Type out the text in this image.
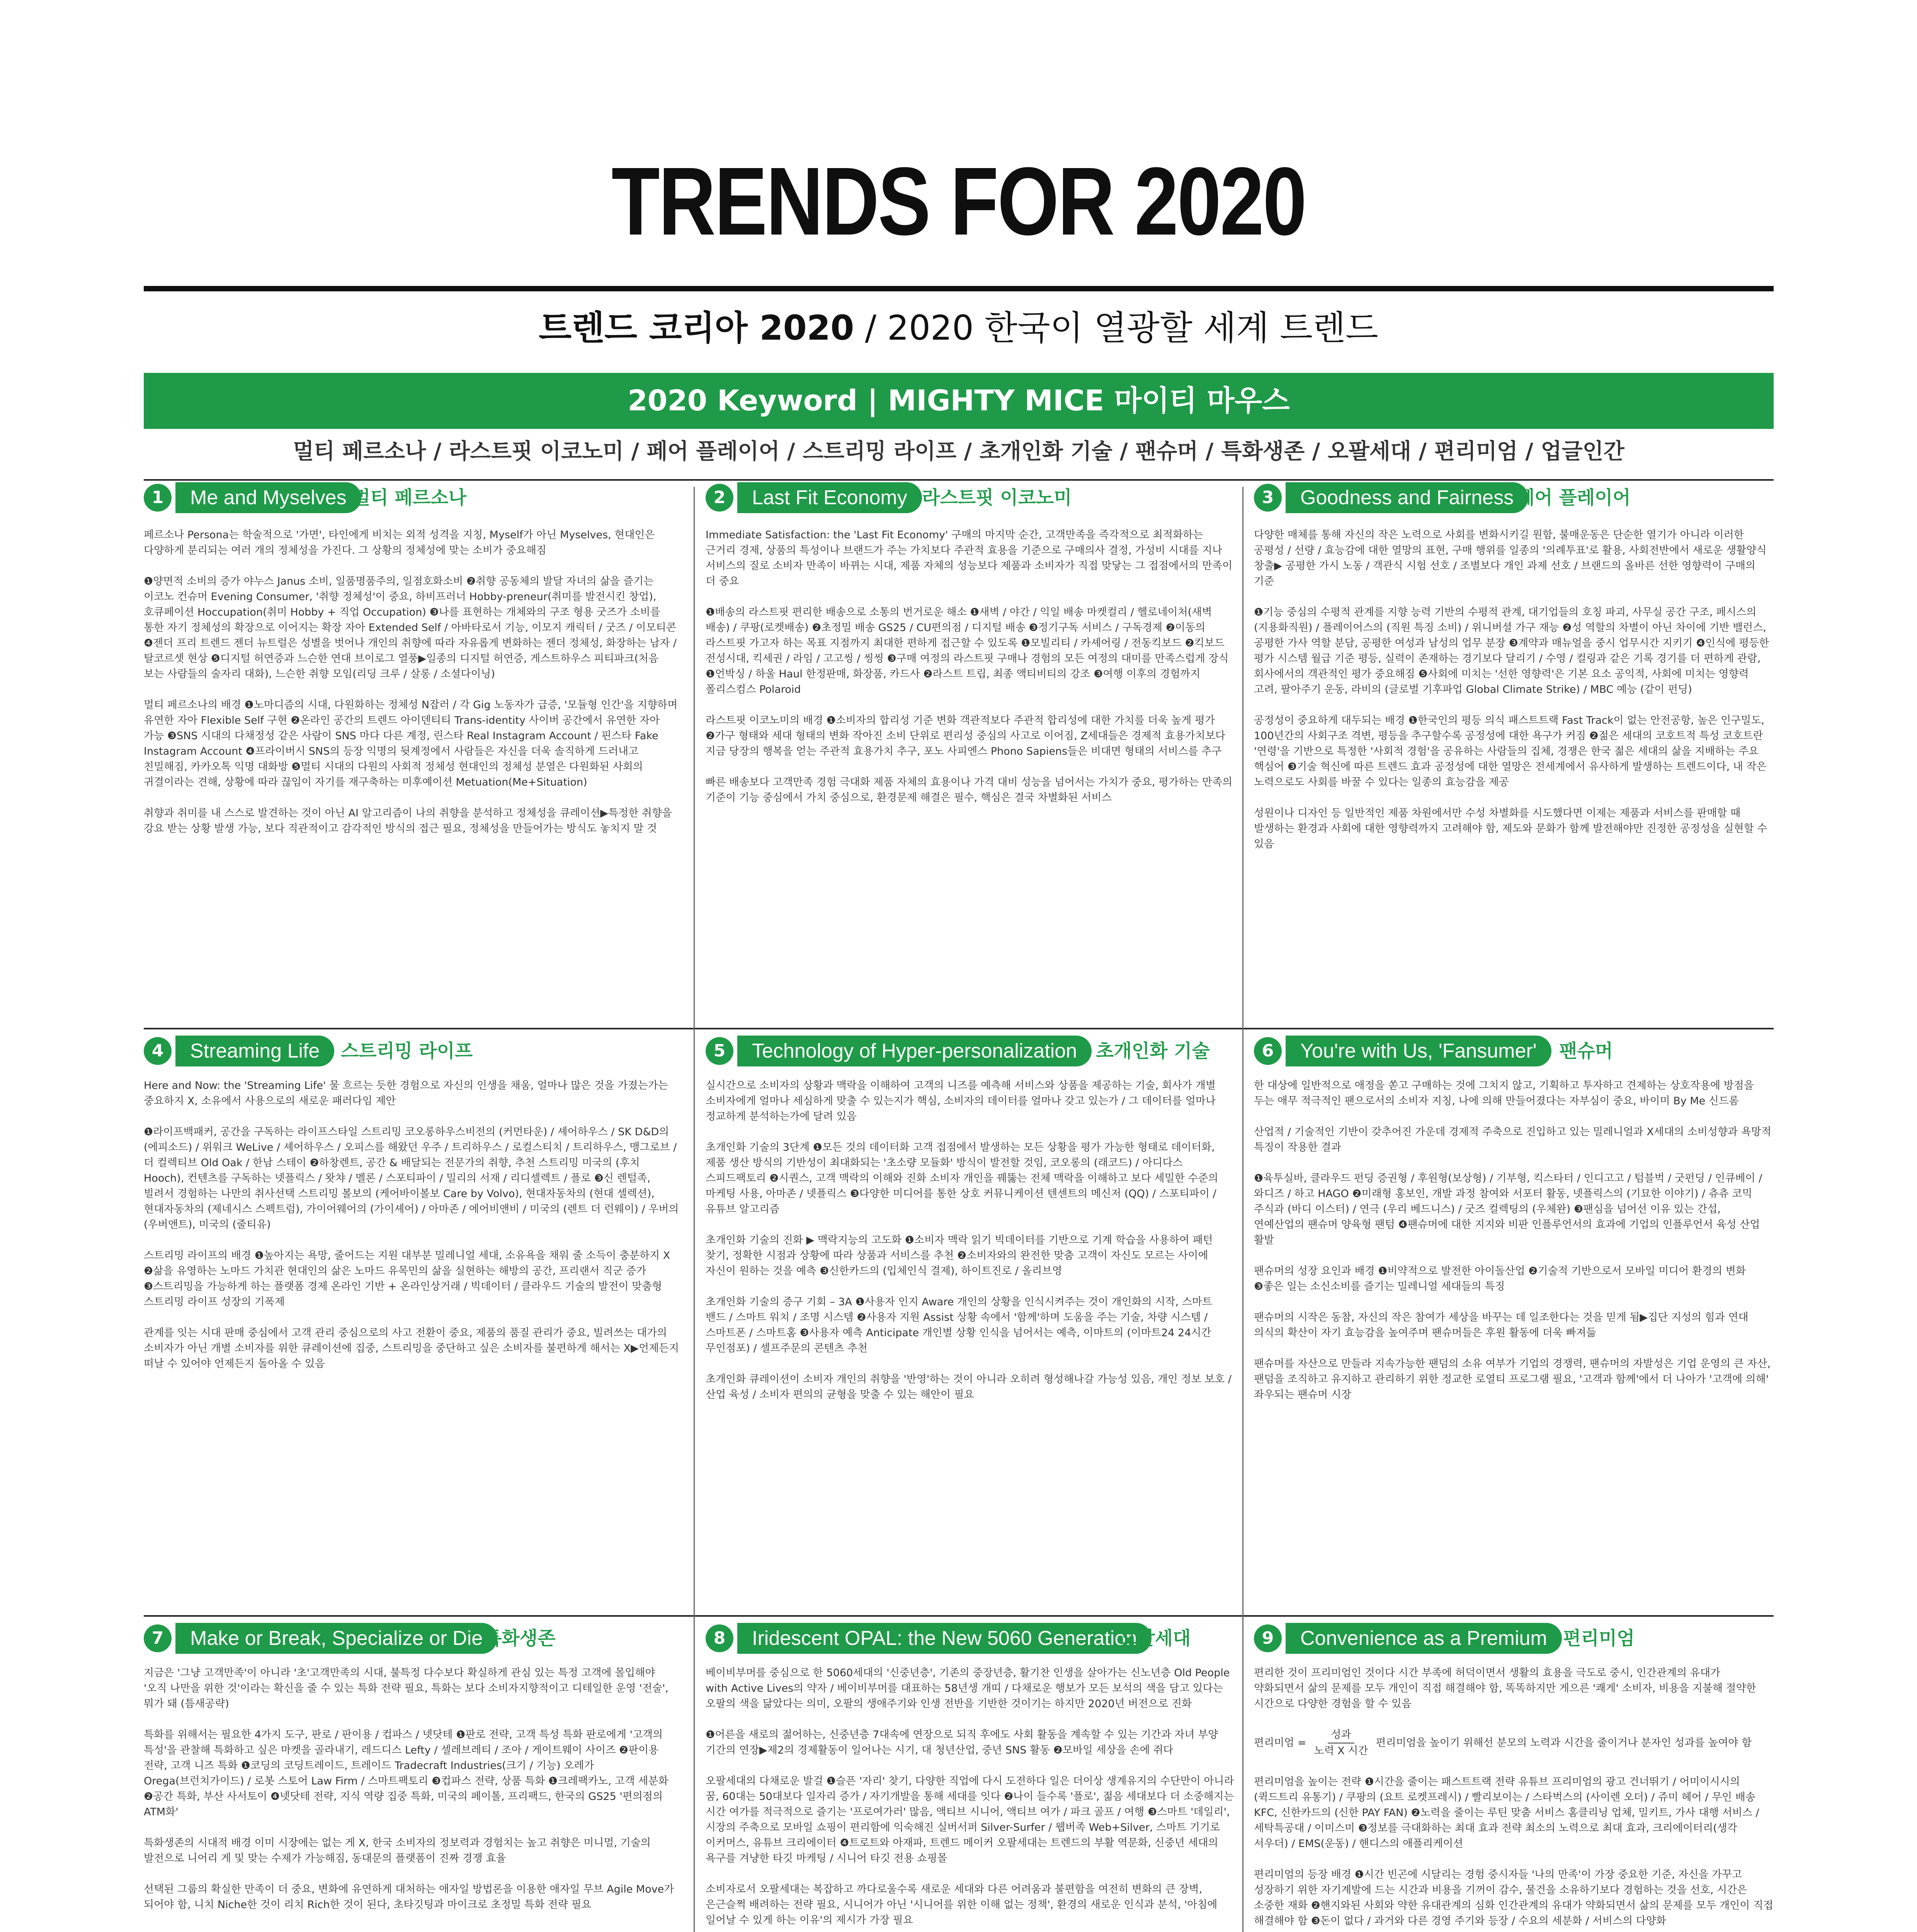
TRENDS FOR 2020
트렌드 코리아 2020 / 2020 한국이 열광할 세계 트렌드
2020 Keyword | MIGHTY MICE 마이티 마우스
멀티 페르소나 / 라스트핏 이코노미 / 페어 플레이어 / 스트리밍 라이프 / 초개인화 기술 / 팬슈머 / 특화생존 / 오팔세대 / 편리미엄 / 업글인간
1	Me and Myselves 멀티 페르소나

페르소나 Persona는 학술적으로 '가면', 타인에게 비치는 외적 성격을 지칭, Myself가 아닌 Myselves, 현대인은 다양하게 분리되는 여러 개의 정체성을 가진다. 그 상황의 정체성에 맞는 소비가 중요해짐

❶양면적 소비의 증가 야누스 Janus 소비, 일품명품주의, 일점호화소비 ❷취향 공동체의 발달 자녀의 삶을 즐기는 이코노 컨슈머 Evening Consumer, '취향 정체성'이 중요, 하비프러너 Hobby-preneur(취미를 발전시킨 창업), 호큐페이션 Hoccupation(취미 Hobby + 직업 Occupation) ❸나를 표현하는 개체와의 구조 형용 굿즈가 소비를 통한 자기 정체성의 확장으로 이어지는 확장 자아 Extended Self / 아바타로서 기능, 이모지 캐릭터 / 굿즈 / 이모티콘 ❹젠더 프리 트렌드 젠더 뉴트럴은 성별을 벗어나 개인의 취향에 따라 자유롭게 변화하는 젠더 정체성, 화장하는 남자 / 탈코르셋 현상 ❺디지털 허연증과 느슨한 연대 브이로그 열풍▶일종의 디지털 허연증, 게스트하우스 피티파크(처음 보는 사람들의 술자리 대화), 느슨한 취향 모임(리딩 크루 / 살롱 / 소셜다이닝)

멀티 페르소나의 배경 ❶노마디즘의 시대, 다원화하는 정체성 N잡러 / 각 Gig 노동자가 급증, '모듈형 인간'을 지향하며 유연한 자아 Flexible Self 구현 ❷온라인 공간의 트렌드 아이덴티티 Trans-identity 사이버 공간에서 유연한 자아 가능 ❸SNS 시대의 다채정성 같은 사람이 SNS 마다 다른 계정, 린스타 Real Instagram Account / 핀스타 Fake Instagram Account ❹프라이버시 SNS의 등장 익명의 뒷계정에서 사람들은 자신을 더욱 솔직하게 드러내고 친밀해짐, 카카오톡 익명 대화방 ❺멀티 시대의 다원의 사회적 정체성 현대인의 정체성 분열은 다원화된 사회의 귀결이라는 견해, 상황에 따라 끊임이 자기를 재구축하는 미후예이션 Metuation(Me+Situation)

취향과 취미를 내 스스로 발견하는 것이 아닌 AI 알고리즘이 나의 취향을 분석하고 정체성을 큐레이션▶특정한 취향을 강요 받는 상황 발생 가능, 보다 직관적이고 감각적인 방식의 접근 필요, 정체성을 만들어가는 방식도 놓치지 말 것

2	Last Fit Economy 라스트핏 이코노미

Immediate Satisfaction: the 'Last Fit Economy' 구매의 마지막 순간, 고객만족을 즉각적으로 최적화하는 근거리 경제, 상품의 특성이나 브랜드가 주는 가치보다 주관적 효용을 기준으로 구매의사 결정, 가성비 시대를 지나 서비스의 질로 소비자 만족이 바뀌는 시대, 제품 자체의 성능보다 제품과 소비자가 직접 맞닿는 그 접점에서의 만족이 더 중요

❶배송의 라스트핏 편리한 배송으로 소통의 번거로운 해소 ❶새벽 / 야간 / 익일 배송 마켓컬리 / 헬로네이처(새벽 배송) / 쿠팡(로켓배송) ❷초정밀 배송 GS25 / CU편의점 / 디지털 배송 ❸정기구독 서비스 / 구독경제 ❷이동의 라스트핏 가고자 하는 목표 지점까지 최대한 편하게 접근할 수 있도록 ❶모빌리티 / 카셰어링 / 전동킥보드 ❷킥보드 전성시대, 킥세권 / 라임 / 고고씽 / 씽씽 ❸구매 여정의 라스트핏 구매나 경험의 모든 여정의 대미를 만족스럽게 장식 ❶언박싱 / 하울 Haul 한정판매, 화장품, 카드사 ❷라스트 트립, 최종 액티비티의 강조 ❸여행 이후의 경험까지 폴리스컴스 Polaroid

라스트핏 이코노미의 배경 ❶소비자의 합리성 기준 변화 객관적보다 주관적 합리성에 대한 가치를 더욱 높게 평가 ❷가구 형태와 세대 형태의 변화 작아진 소비 단위로 편리성 중심의 사고로 이어짐, Z세대들은 경제적 효용가치보다 지금 당장의 행복을 얻는 주관적 효용가치 추구, 포노 사피엔스 Phono Sapiens들은 비대면 형태의 서비스를 추구

빠른 배송보다 고객만족 경험 극대화 제품 자체의 효용이나 가격 대비 성능을 넘어서는 가치가 중요, 평가하는 만족의 기준이 기능 중심에서 가치 중심으로, 환경문제 해결은 필수, 핵심은 결국 차별화된 서비스

3	Goodness and Fairness 페어 플레이어

다양한 매체를 통해 자신의 작은 노력으로 사회를 변화시키길 원함, 불매운동은 단순한 열기가 아니라 이러한 공평성 / 선량 / 효능감에 대한 열망의 표현, 구매 행위를 일종의 '의례투표'로 활용, 사회전반에서 새로운 생활양식 창출▶ 공평한 가시 노동 / 객관식 시험 선호 / 조별보다 개인 과제 선호 / 브랜드의 올바른 선한 영향력이 구매의 기준

❶기능 중심의 수평적 관계를 지향 능력 기반의 수평적 관계, 대기업들의 호칭 파괴, 사무실 공간 구조, 페시스의 (지용화직원) / 플레이어스의 (직원 특징 소비) / 위니버셜 가구 재능 ❷성 역할의 차별이 아닌 차이에 기반 밸런스, 공평한 가사 역할 분담, 공평한 여성과 남성의 업무 분장 ❸계약과 매뉴얼을 중시 업무시간 지키기 ❹인식에 평등한 평가 시스템 월급 기준 평등, 실력이 존재하는 경기보다 달리기 / 수영 / 컬링과 같은 기록 경기를 더 편하게 관람, 회사에서의 객관적인 평가 중요해짐 ❺사회에 미치는 '선한 영향력'은 기본 요소 공익적, 사회에 미치는 영향력 고려, 팔아주기 운동, 라비의 (글로벌 기후파업 Global Climate Strike) / MBC 예능 (같이 펀딩)

공정성이 중요하게 대두되는 배경 ❶한국인의 평등 의식 패스트트랙 Fast Track이 없는 안전공항, 높은 인구밀도, 100년간의 사회구조 격변, 평등을 추구할수록 공정성에 대한 욕구가 커짐 ❷젊은 세대의 코호트적 특성 코호트란 '연령'을 기반으로 특정한 '사회적 경험'을 공유하는 사람들의 집체, 경쟁은 한국 젊은 세대의 삶을 지배하는 주요 핵심어 ❸기술 혁신에 따른 트렌드 효과 공정성에 대한 열망은 전세계에서 유사하게 발생하는 트렌드이다, 내 작은 노력으로도 사회를 바꿀 수 있다는 일종의 효능감을 제공

성원이나 디자인 등 일반적인 제품 차원에서만 수성 차별화를 시도했다면 이제는 제품과 서비스를 판매할 때 발생하는 환경과 사회에 대한 영향력까지 고려해야 함, 제도와 문화가 함께 발전해야만 진정한 공정성을 실현할 수 있음

4	Streaming Life	스트리밍 라이프

Here and Now: the 'Streaming Life' 물 흐르는 듯한 경험으로 자신의 인생을 채움, 얼마나 많은 것을 가졌는가는 중요하지 X, 소유에서 사용으로의 새로운 패러다임 제안

❶라이프백패커, 공간을 구독하는 라이프스타일 스트리밍 코오롱하우스비전의 (커먼타운) / 셰어하우스 / SK D&D의 (에피소드) / 위워크 WeLive / 셰어하우스 / 오피스를 해왔던 우주 / 트리하우스 / 로컬스티치 / 트리하우스, 맹그로브 / 더 컬렉티브 Old Oak / 한남 스테이 ❷하창렌트, 공간 & 배달되는 전문가의 취향, 추천 스트리밍 미국의 (후치 Hooch), 컨텐츠를 구독하는 넷플릭스 / 왓챠 / 멜론 / 스포티파이 / 밀리의 서재 / 리디셀렉트 / 플로 ❸신 렌털족, 빌려서 경험하는 나만의 취사선택 스트리밍 볼보의 (케어바이볼보 Care by Volvo), 현대자동차의 (현대 셀렉션), 현대자동차의 (제네시스 스펙트럼), 가이어웨어의 (가이셰어) / 아마존 / 에어비앤비 / 미국의 (렌트 더 런웨이) / 우버의 (우버앤트), 미국의 (줄티유)

스트리밍 라이프의 배경 ❶높아지는 욕망, 줄어드는 지원 대부분 밀레니얼 세대, 소유욕을 채워 줄 소득이 충분하지 X ❷삶을 유영하는 노마드 가치관 현대인의 삶은 노마드 유목민의 삶을 실현하는 해방의 공간, 프리랜서 직군 증가 ❸스트리밍을 가능하게 하는 플랫폼 경제 온라인 기반 + 온라인상거래 / 빅데이터 / 클라우드 기술의 발전이 맞춤형 스트리밍 라이프 성장의 기폭제

관계를 잇는 시대 판매 중심에서 고객 관리 중심으로의 사고 전환이 중요, 제품의 품질 관리가 중요, 빌려쓰는 대가의 소비자가 아닌 개별 소비자를 위한 큐레이션에 집중, 스트리밍을 중단하고 싶은 소비자를 불편하게 해서는 X▶언제든지 떠날 수 있어야 언제든지 돌아올 수 있음

5	Technology of Hyper-personalization	초개인화 기술

실시간으로 소비자의 상황과 맥락을 이해하여 고객의 니즈를 예측해 서비스와 상품을 제공하는 기술, 회사가 개별 소비자에게 얼마나 세심하게 맞출 수 있는지가 핵심, 소비자의 데이터를 얼마나 갖고 있는가 / 그 데이터를 얼마나 정교하게 분석하는가에 달려 있음

초개인화 기술의 3단계 ❶모든 것의 데이터화 고객 접점에서 발생하는 모든 상황을 평가 가능한 형태로 데이터화, 제품 생산 방식의 기반성이 최대화되는 '초소량 모듈화' 방식이 발전할 것임, 코오롱의 (래코드) / 아디다스 스피드팩토리 ❷시퀀스, 고객 맥락의 이해와 진화 소비자 개인을 꿰뚫는 전체 맥락을 이해하고 보다 세밀한 수준의 마케팅 사용, 아마존 / 넷플릭스 ❸다양한 미디어를 통한 상호 커뮤니케이션 텐센트의 메신저 (QQ) / 스포티파이 / 유튜브 알고리즘

초개인화 기술의 진화 ▶ 맥락지능의 고도화 ❶소비자 맥락 읽기 빅데이터를 기반으로 기계 학습을 사용하여 패턴 찾기, 정확한 시점과 상황에 따라 상품과 서비스를 추천 ❷소비자와의 완전한 맞춤 고객이 자신도 모르는 사이에 자신이 원하는 것을 예측 ❸신한카드의 (입체인식 결제), 하이트진로 / 올리브영

초개인화 기술의 증구 기회 – 3A ❶사용자 인지 Aware 개인의 상황을 인식시켜주는 것이 개인화의 시작, 스마트 밴드 / 스마트 워치 / 조명 시스템 ❷사용자 지원 Assist 상황 속에서 '함께'하며 도움을 주는 기술, 차량 시스템 / 스마트폰 / 스마트홈 ❸사용자 예측 Anticipate 개인별 상황 인식을 넘어서는 예측, 이마트의 (이마트24 24시간 무인점포) / 셀프주문의 콘텐츠 추천

초개인화 큐레이션이 소비자 개인의 취향을 '반영'하는 것이 아니라 오히려 형성해나갈 가능성 있음, 개인 정보 보호 / 산업 육성 / 소비자 편의의 균형을 맞출 수 있는 해안이 필요

6	You're with Us, 'Fansumer'	팬슈머

한 대상에 일반적으로 애정을 쏟고 구매하는 것에 그치지 않고, 기획하고 투자하고 견제하는 상호작용에 방점을 두는 애무 적극적인 팬으로서의 소비자 지칭, 나에 의해 만들어졌다는 자부심이 중요, 바이미 By Me 신드롬

산업적 / 기술적인 기반이 갖추어진 가운데 경제적 주축으로 진입하고 있는 밀레니얼과 X세대의 소비성향과 욕망적 특징이 작용한 결과

❶육투실바, 클라우드 펀딩 증권형 / 후원형(보상형) / 기부형, 킥스타터 / 인디고고 / 텀블벅 / 굿펀딩 / 인큐베이 / 와디즈 / 하고 HAGO ❷미래형 홍보인, 개발 과정 참여와 서포터 활동, 넷플릭스의 (기묘한 이야기) / 츄츄 코믹 주식과 (바디 이스터) / 연극 (우리 베드니스) / 굿즈 컬렉팅의 (우체완) ❸팬심을 넘어선 이유 있는 간섭, 연예산업의 팬슈머 양육형 팬텀 ❹팬슈머에 대한 지지와 비판 인플루언서의 효과에 기업의 인플루언서 육성 산업 활발

팬슈머의 성장 요인과 배경 ❶비약적으로 발전한 아이돌산업 ❷기술적 기반으로서 모바일 미디어 환경의 변화 ❸좋은 일는 소신소비를 즐기는 밀레니얼 세대들의 특징

팬슈머의 시작은 동참, 자신의 작은 참여가 세상을 바꾸는 데 일조한다는 것을 믿게 됨▶집단 지성의 힘과 연대 의식의 확산이 자기 효능감을 높여주며 팬슈머들은 후원 활동에 더욱 빠져듦

팬슈머를 자산으로 만들라 지속가능한 팬덤의 소유 여부가 기업의 경쟁력, 팬슈머의 자발성은 기업 운영의 큰 자산, 팬덤을 조직하고 유지하고 관리하기 위한 정교한 로열티 프로그램 필요, '고객과 함께'에서 더 나아가 '고객에 의해' 좌우되는 팬슈머 시장

7	Make or Break, Specialize or Die 특화생존

지금은 '그냥 고객만족'이 아니라 '초'고객만족의 시대, 불특정 다수보다 확실하게 관심 있는 특정 고객에 몰입해야 '오직 나만을 위한 것'이라는 확신을 줄 수 있는 특화 전략 필요, 특화는 보다 소비자지향적이고 디테일한 운영 '전술', 뭐가 돼 (틈새공략)

특화를 위해서는 필요한 4가지 도구, 판로 / 판이용 / 컵파스 / 넷닷테 ❶판로 전략, 고객 특성 특화 판로에게 '고객의 특성'을 관찰해 특화하고 싶은 마켓을 골라내기, 레드디스 Lefty / 셀레브레티 / 조아 / 게이트웨이 사이즈 ❷판이용 전략, 고객 니즈 특화 ❶코딩의 코딩트레이드, 트레이드 Tradecraft Industries(크기 / 기능) 오레가 Orega(브런치가이드) / 로봇 스토어 Law Firm / 스마트팩토리 ❸컵파스 전략, 상품 특화 ❶크레팩카노, 고객 세분화 ❷공간 특화, 부산 사서토이 ❹넷닷테 전략, 지식 역량 집중 특화, 미국의 페이톨, 프리팩드, 한국의 GS25 '편의점의 ATM화'

특화생존의 시대적 배경 이미 시장에는 없는 게 X, 한국 소비자의 정보력과 경험치는 높고 취향은 미니멀, 기술의 발전으로 니어리 게 및 맞는 수제가 가능해짐, 동대문의 플랫폼이 진짜 경쟁 효율

선택된 그룹의 확실한 만족이 더 중요, 변화에 유연하게 대처하는 애자일 방법론을 이용한 애자일 무브 Agile Move가 되어야 함, 니치 Niche한 것이 리치 Rich한 것이 된다, 초타깃팅과 마이크로 초정밀 특화 전략 필요

8	Iridescent OPAL: the New 5060 Generation
오팔세대

베이비부머를 중심으로 한 5060세대의 '신중년층', 기존의 중장년층, 활기찬 인생을 살아가는 신노년층 Old People with Active Lives의 약자 / 베이비부머를 대표하는 58년생 개띠 / 다채로운 행보가 모든 보석의 색을 담고 있다는 오팔의 색을 닮았다는 의미, 오팔의 생애주기와 인생 전반을 기반한 것이기는 하지만 2020년 버전으로 진화

❶어른을 새로의 젊어하는, 신중년층 7대속에 연장으로 되직 후에도 사회 활동을 계속할 수 있는 기간과 자녀 부양 기간의 연장▶제2의 경제활동이 일어나는 시기, 대 청년산업, 중년 SNS 활동 ❷모바일 세상을 손에 쥐다

오팔세대의 다채로운 발걸 ❶슬픈 '자리' 찾기, 다양한 직업에 다시 도전하다 일은 더이상 생계유지의 수단만이 아니라 꿈, 60대는 50대보다 일자리 증가 / 자기개발을 통해 세대를 잇다 ❷나이 들수록 '플로', 젊음 세대보다 더 소중해지는 시간 여가를 적극적으로 즐기는 '프로여가러' 많음, 액티브 시니어, 액티브 여가 / 파크 골프 / 여행 ❸스마트 '데일리', 시장의 주축으로 모바일 쇼핑이 편리함에 익숙해진 실버서퍼 Silver-Surfer / 웹버족 Web+Silver, 스마트 기기로 이커머스, 유튜브 크리에이터 ❹트로트와 아재파, 트렌드 메이커 오팔세대는 트렌드의 부활 역문화, 신중년 세대의 욕구를 겨냥한 타깃 마케팅 / 시니어 타깃 전용 쇼핑몰

소비자로서 오팔세대는 복잡하고 까다로울수록 새로운 세대와 다른 어려움과 불편함을 여전히 변화의 큰 장벽, 은근슬쩍 배려하는 전략 필요, 시니어가 아닌 '시니어를 위한 이해 없는 정책', 환경의 새로운 인식과 분석, '아침에 일어날 수 있게 하는 이유'의 제시가 가장 필요

9	Convenience as a Premium 편리미엄

편리한 것이 프리미엄인 것이다 시간 부족에 허덕이면서 생활의 효용을 극도로 중시, 인간관계의 유대가 약화되면서 삶의 문제를 모두 개인이 직접 해결해야 함, 똑똑하지만 게으른 '쾌게' 소비자, 비용을 지불해 절약한 시간으로 다양한 경험을 할 수 있음

편리미엄 =
성과
노력 X 시간
편리미엄을 높이기 위해선 분모의 노력과 시간을 줄이거나 분자인 성과를 높여야 함

편리미엄을 높이는 전략 ❶시간을 줄이는 패스트트랙 전략 유튜브 프리미엄의 광고 건너뛰기 / 어미이시시의 (퀵드트리 유통기) / 쿠팡의 (요트 로켓프레시) / 빨리보이는 / 스타벅스의 (사이렌 오더) / 쥬미 헤어 / 무인 배송 KFC, 신한카드의 (신한 PAY FAN) ❷노력을 줄이는 루틴 맞춤 서비스 홈클리닝 업체, 밀키트, 가사 대행 서비스 / 세탁특공대 / 이미스미 ❸정보를 극대화하는 최대 효과 전략 최소의 노력으로 최대 효과, 크리에이터리(생각 서우더) / EMS(운동) / 핸디스의 애플리케이션

편리미엄의 등장 배경 ❶시간 빈곤에 시달리는 경험 중시자들 '나의 만족'이 가장 중요한 기준, 자신을 가꾸고 성장하기 위한 자기계발에 드는 시간과 비용을 기꺼이 감수, 물건을 소유하기보다 경험하는 것을 선호, 시간은 소중한 재화 ❷핸지와된 사회와 약한 유대관계의 심화 인간관계의 유대가 약화되면서 삶의 문제를 모두 개인이 직접 해결해야 함 ❸돈이 없다 / 과거와 다른 경영 주기와 등장 / 수요의 세분화 / 서비스의 다양화
